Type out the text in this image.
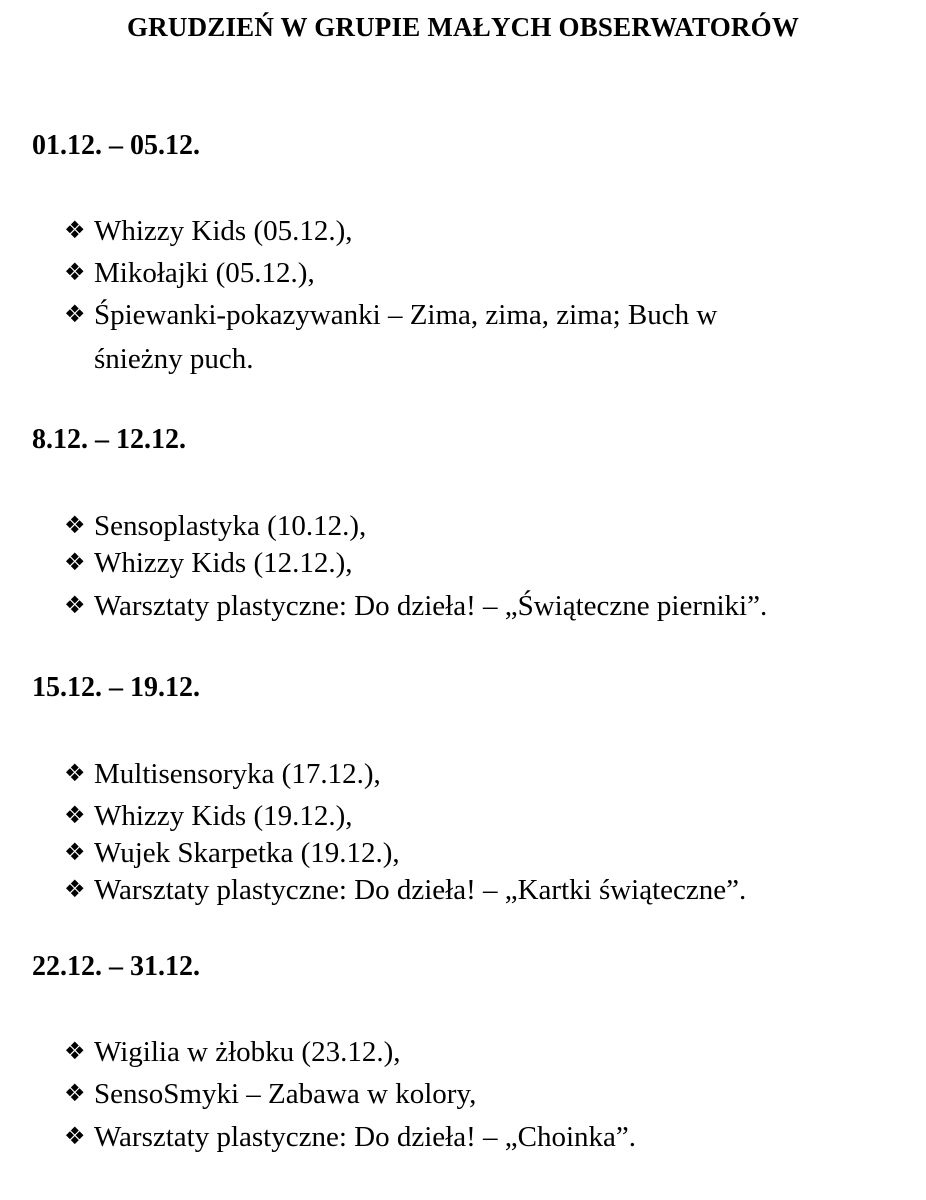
GRUDZIEŃ W GRUPIE MAŁYCH OBSERWATORÓW
01.12. – 05.12.
❖ Whizzy Kids (05.12.),
❖ Mikołajki (05.12.),
❖ Śpiewanki-pokazywanki – Zima, zima, zima; Buch w
śnieżny puch.
8.12. – 12.12.
❖ Sensoplastyka (10.12.),
❖ Whizzy Kids (12.12.),
❖ Warsztaty plastyczne: Do dzieła! – „Świąteczne pierniki”.
15.12. – 19.12.
❖ Multisensoryka (17.12.),
❖ Whizzy Kids (19.12.),
❖ Wujek Skarpetka (19.12.),
❖ Warsztaty plastyczne: Do dzieła! – „Kartki świąteczne”.
22.12. – 31.12.
❖ Wigilia w żłobku (23.12.),
❖ SensoSmyki – Zabawa w kolory,
❖ Warsztaty plastyczne: Do dzieła! – „Choinka”.
